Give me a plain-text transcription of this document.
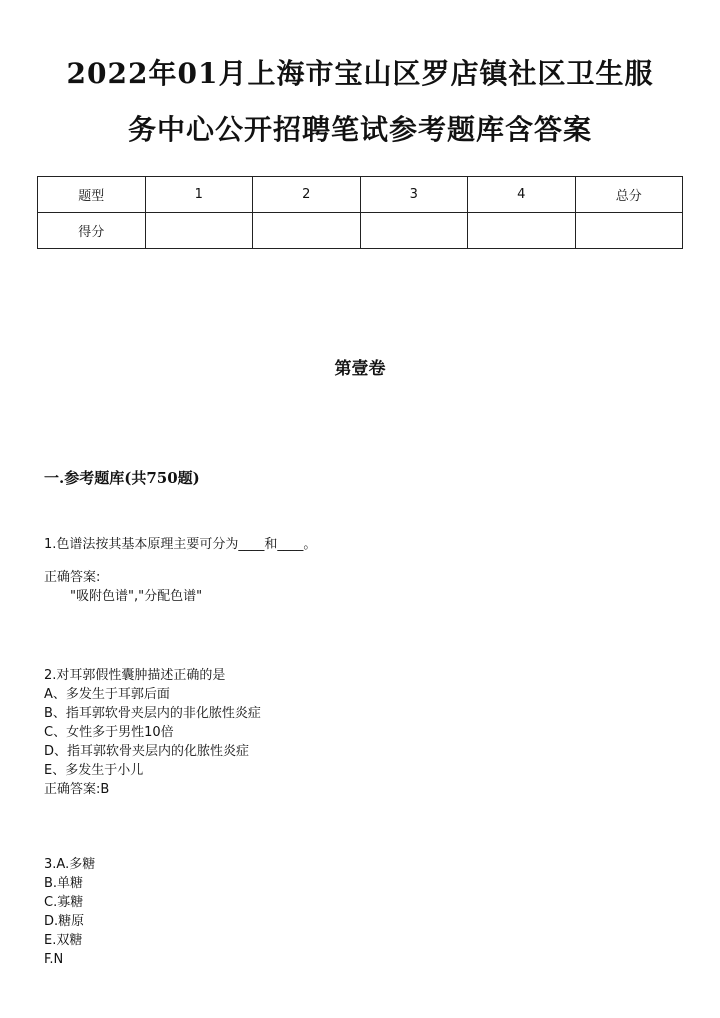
2022年01月上海市宝山区罗店镇社区卫生服
务中心公开招聘笔试参考题库含答案
题型	1	2	3	4	总分
得分					
第壹卷
一.参考题库(共750题)
1.色谱法按其基本原理主要可分为____和____。
正确答案:
"吸附色谱","分配色谱"
2.对耳郭假性囊肿描述正确的是
A、多发生于耳郭后面
B、指耳郭软骨夹层内的非化脓性炎症
C、女性多于男性10倍
D、指耳郭软骨夹层内的化脓性炎症
E、多发生于小儿
正确答案:B
3.A.多糖
B.单糖
C.寡糖
D.糖原
E.双糖
F.N
